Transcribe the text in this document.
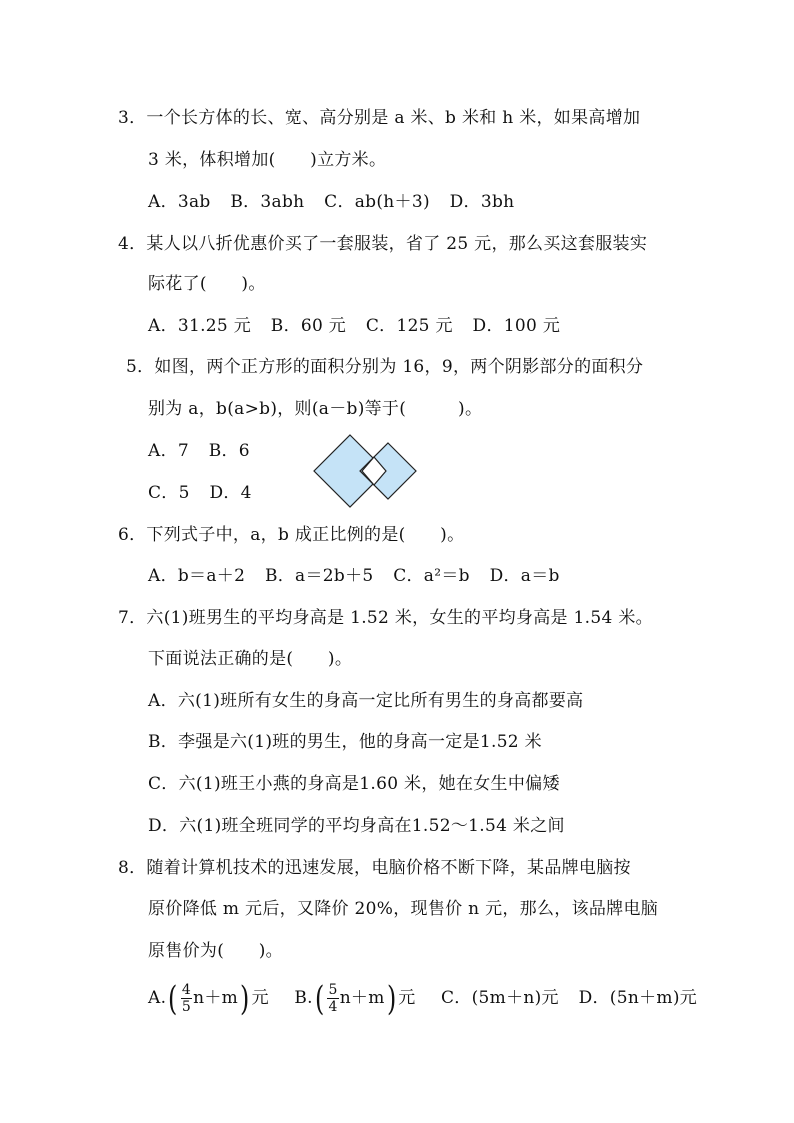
3．一个长方体的长、宽、高分别是 a 米、b 米和 h 米，如果高增加
3 米，体积增加(　　)立方米。
A．3ab B．3abh C．ab(h＋3) D．3bh
4．某人以八折优惠价买了一套服装，省了 25 元，那么买这套服装实
际花了(　　)。
A．31.25 元 B．60 元 C．125 元 D．100 元
5．如图，两个正方形的面积分别为 16，9，两个阴影部分的面积分
别为 a，b(a>b)，则(a－b)等于(　　　)。
A．7 B．6
C．5 D．4
6．下列式子中，a，b 成正比例的是(　　)。
A．b＝a＋2 B．a＝2b＋5 C．a²＝b D．a＝b
7．六(1)班男生的平均身高是 1.52 米，女生的平均身高是 1.54 米。
下面说法正确的是(　　)。
A．六(1)班所有女生的身高一定比所有男生的身高都要高
B．李强是六(1)班的男生，他的身高一定是1.52 米
C．六(1)班王小燕的身高是1.60 米，她在女生中偏矮
D．六(1)班全班同学的平均身高在1.52～1.54 米之间
8．随着计算机技术的迅速发展，电脑价格不断下降，某品牌电脑按
原价降低 m 元后，又降价 20%，现售价 n 元，那么，该品牌电脑
原售价为(　　)。
$A.( \frac{4}{5} n+m)$ 元 $B.( \frac{5}{4} n+m)$ 元 C．(5m＋n)元 D．(5n＋m)元
